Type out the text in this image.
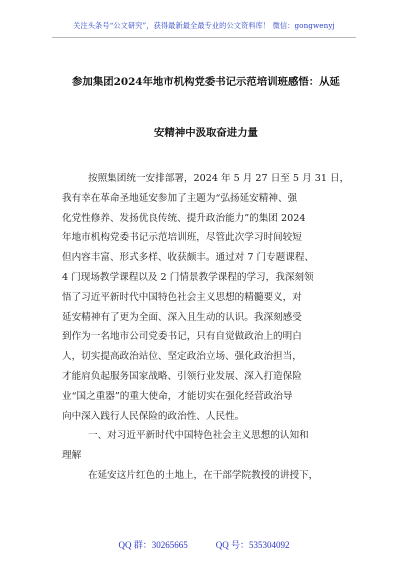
关注头条号“公文研究”，获得最新最全最专业的公文资料库！ 微信：gongwenyj
参加集团2024年地市机构党委书记示范培训班感悟：从延
安精神中汲取奋进力量
按照集团统一安排部署，2024 年 5 月 27 日至 5 月 31 日，
我有幸在革命圣地延安参加了主题为“弘扬延安精神、强
化党性修养、发扬优良传统、提升政治能力”的集团 2024
年地市机构党委书记示范培训班，尽管此次学习时间较短
但内容丰富、形式多样、收获颇丰。通过对 7 门专题课程、
4 门现场教学课程以及 2 门情景教学课程的学习，我深刻领
悟了习近平新时代中国特色社会主义思想的精髓要义，对
延安精神有了更为全面、深入且生动的认识。我深刻感受
到作为一名地市公司党委书记，只有自觉做政治上的明白
人，切实提高政治站位、坚定政治立场、强化政治担当，
才能肩负起服务国家战略、引领行业发展、深入打造保险
业“国之重器”的重大使命，才能切实在强化经营政治导
向中深入践行人民保险的政治性、人民性。
一、对习近平新时代中国特色社会主义思想的认知和
理解
在延安这片红色的土地上，在干部学院教授的讲授下，
QQ 群：30265665	QQ 号：535304092
